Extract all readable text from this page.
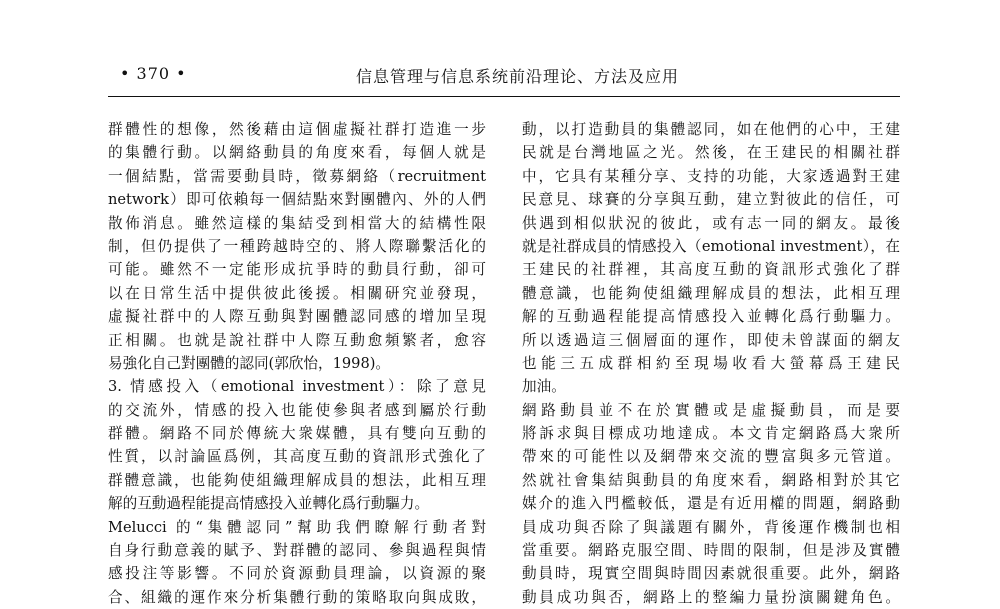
• 370 •	信息管理与信息系统前沿理论、方法及应用
群體性的想像，然後藉由這個虛擬社群打造進一步
的集體行動。以網絡動員的角度來看，每個人就是
一個結點，當需要動員時，徵募網絡（recruitment
network）即可依賴每一個結點來對團體內、外的人們
散佈消息。雖然這樣的集結受到相當大的結構性限
制，但仍提供了一種跨越時空的、將人際聯繫活化的
可能。雖然不一定能形成抗爭時的動員行動，卻可
以在日常生活中提供彼此後援。相關研究並發現，
虛擬社群中的人際互動與對團體認同感的增加呈現
正相關。也就是說社群中人際互動愈頻繁者，愈容
易強化自己對團體的認同(郭欣怡，1998)。
3. 情感投入（emotional investment）：除了意見
的交流外，情感的投入也能使參與者感到屬於行動
群體。網路不同於傳統大衆媒體，具有雙向互動的
性質，以討論區爲例，其高度互動的資訊形式強化了
群體意識，也能夠使組織理解成員的想法，此相互理
解的互動過程能提高情感投入並轉化爲行動驅力。
Melucci 的“集體認同”幫助我們瞭解行動者對
自身行動意義的賦予、對群體的認同、參與過程與情
感投注等影響。不同於資源動員理論，以資源的聚
合、組織的運作來分析集體行動的策略取向與成敗，
動，以打造動員的集體認同，如在他們的心中，王建
民就是台灣地區之光。然後，在王建民的相關社群
中，它具有某種分享、支持的功能，大家透過對王建
民意見、球賽的分享與互動，建立對彼此的信任，可
供遇到相似狀況的彼此，或有志一同的網友。最後
就是社群成員的情感投入（emotional investment），在
王建民的社群裡，其高度互動的資訊形式強化了群
體意識，也能夠使組織理解成員的想法，此相互理
解的互動過程能提高情感投入並轉化爲行動驅力。
所以透過這三個層面的運作，即使未曾謀面的網友
也能三五成群相約至現場收看大螢幕爲王建民
加油。
網路動員並不在於實體或是虛擬動員，而是要
將訴求與目標成功地達成。本文肯定網路爲大衆所
帶來的可能性以及網帶來交流的豐富與多元管道。
然就社會集結與動員的角度來看，網路相對於其它
媒介的進入門檻較低，還是有近用權的問題，網路動
員成功與否除了與議題有關外，背後運作機制也相
當重要。網路克服空間、時間的限制，但是涉及實體
動員時，現實空間與時間因素就很重要。此外，網路
動員成功與否，網路上的整編力量扮演關鍵角色。
